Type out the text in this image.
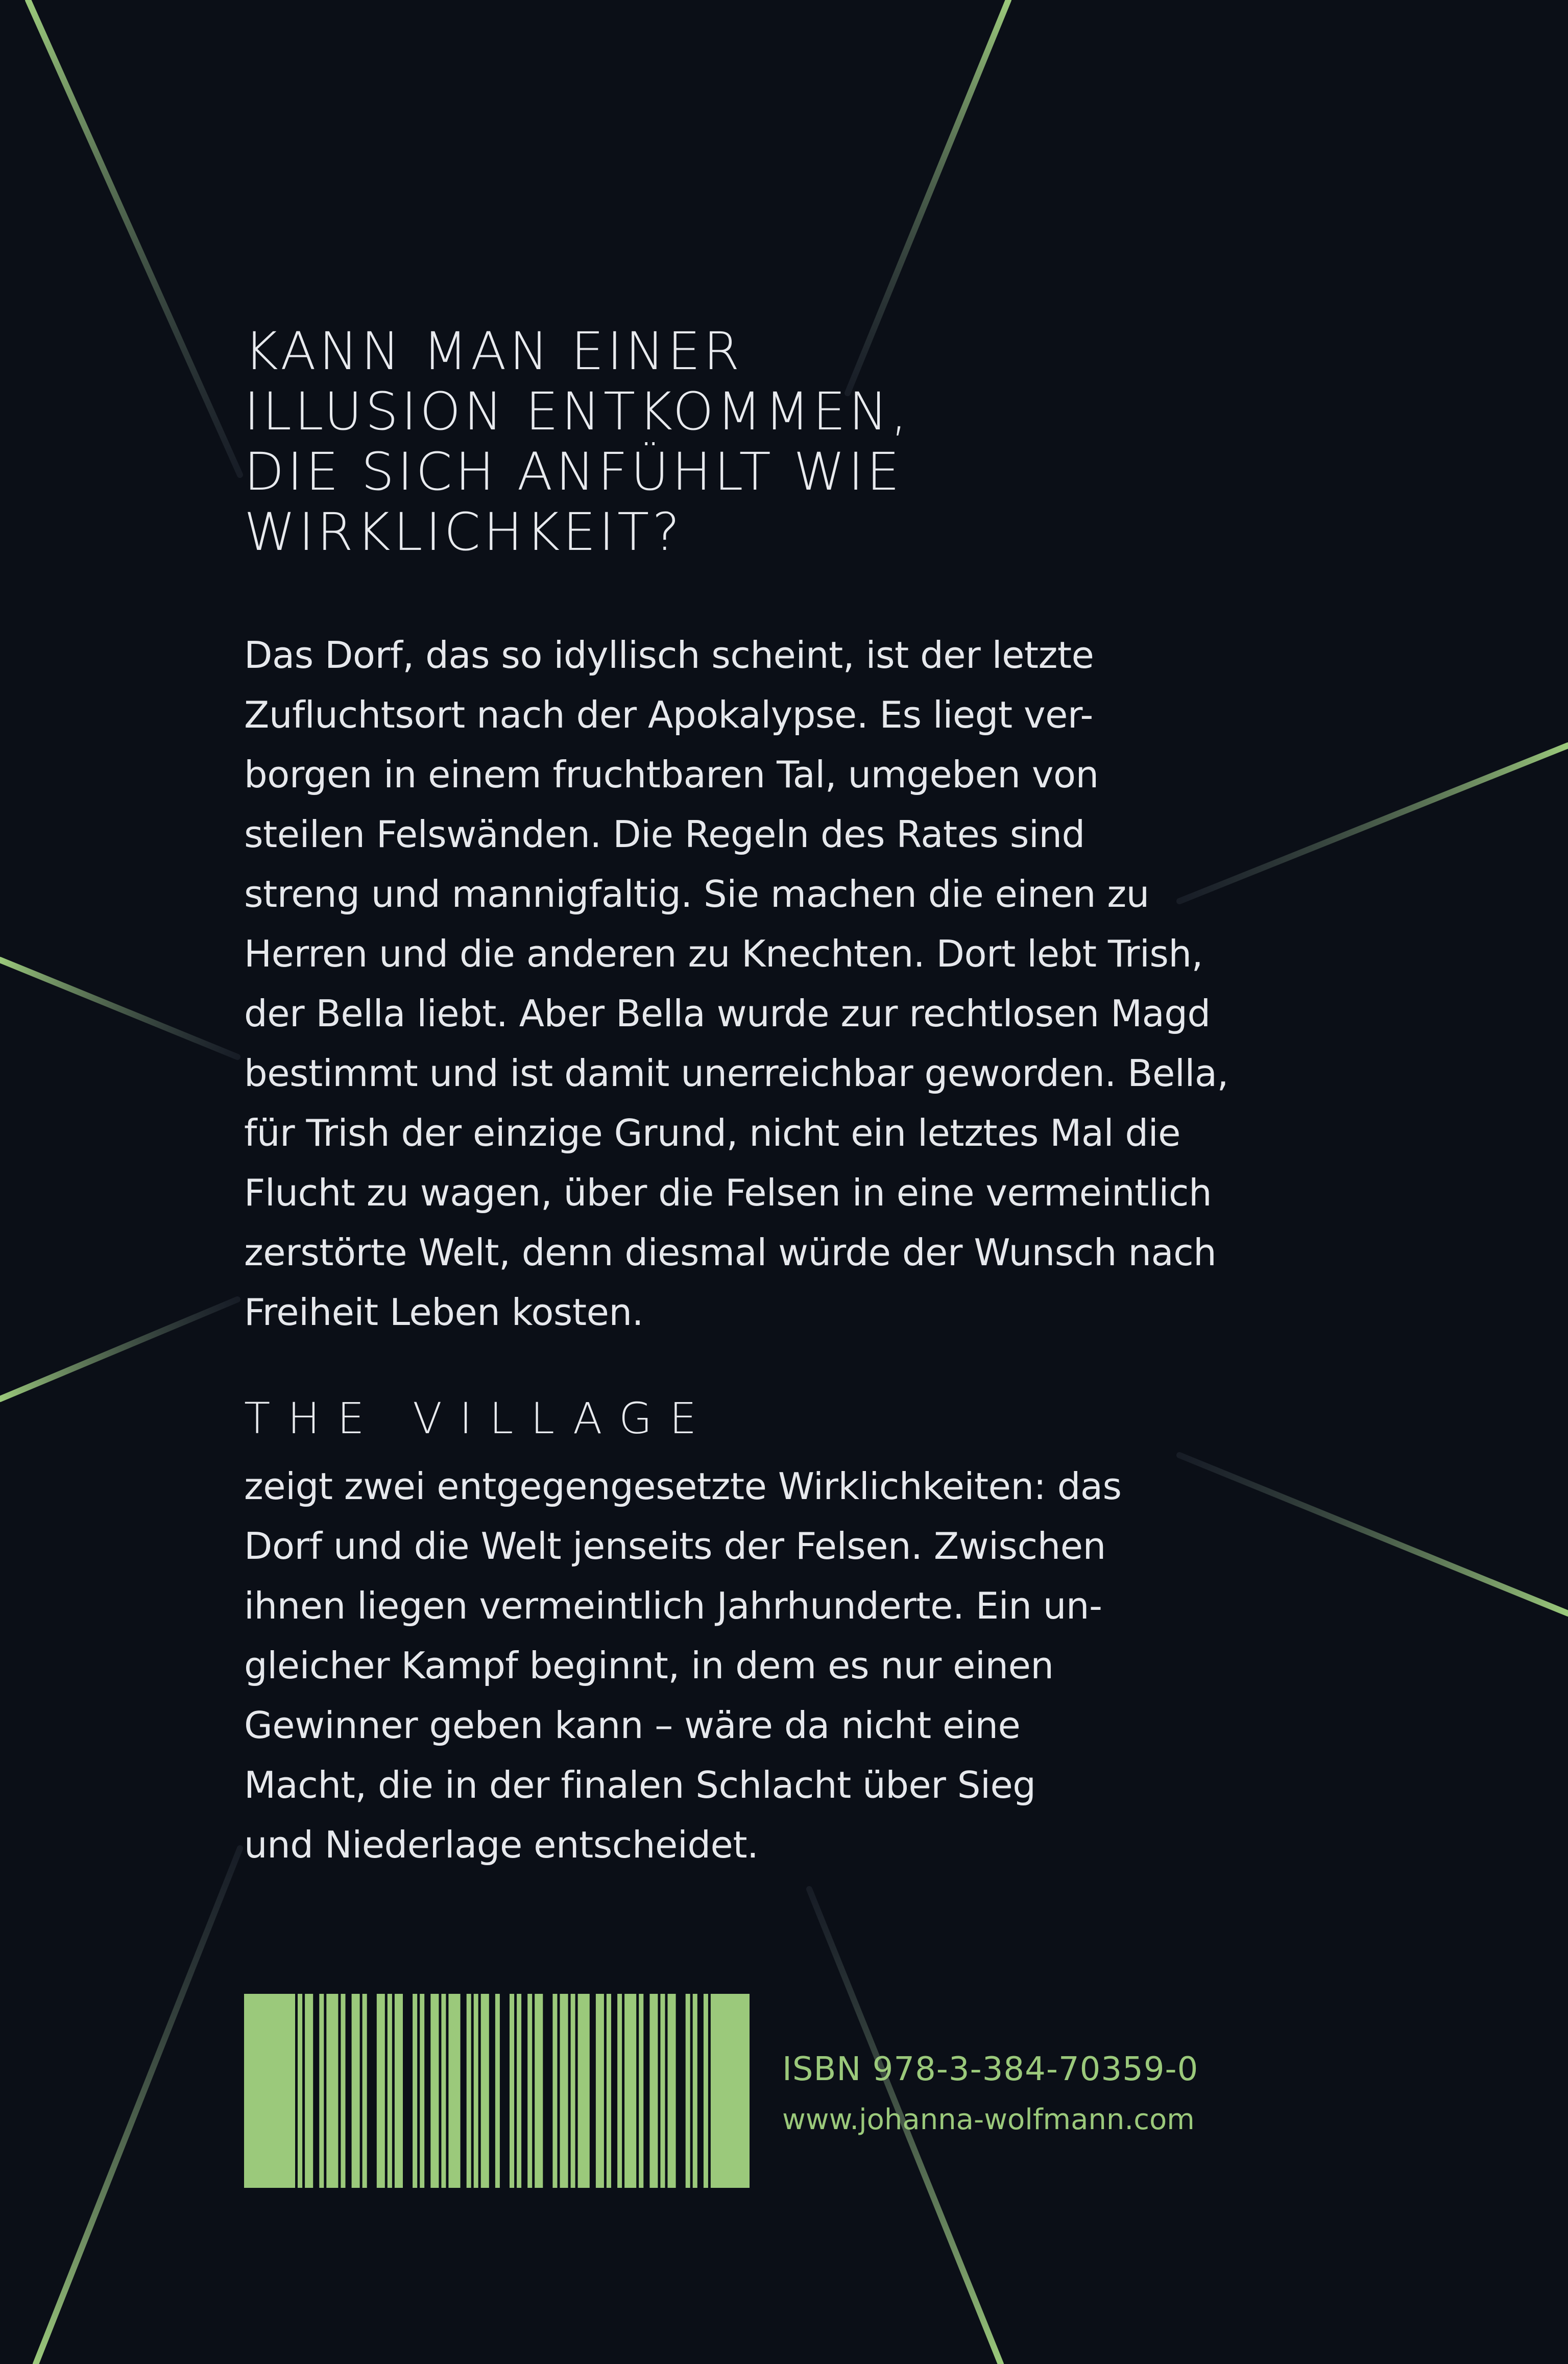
KANN MAN EINER
ILLUSION ENTKOMMEN,
DIE SICH ANFÜHLT WIE
WIRKLICHKEIT?

Das Dorf, das so idyllisch scheint, ist der letzte
Zufluchtsort nach der Apokalypse. Es liegt ver-
borgen in einem fruchtbaren Tal, umgeben von
steilen Felswänden. Die Regeln des Rates sind
streng und mannigfaltig. Sie machen die einen zu
Herren und die anderen zu Knechten. Dort lebt Trish,
der Bella liebt. Aber Bella wurde zur rechtlosen Magd
bestimmt und ist damit unerreichbar geworden. Bella,
für Trish der einzige Grund, nicht ein letztes Mal die
Flucht zu wagen, über die Felsen in eine vermeintlich
zerstörte Welt, denn diesmal würde der Wunsch nach
Freiheit Leben kosten.

THE VILLAGE

zeigt zwei entgegengesetzte Wirklichkeiten: das
Dorf und die Welt jenseits der Felsen. Zwischen
ihnen liegen vermeintlich Jahrhunderte. Ein un-
gleicher Kampf beginnt, in dem es nur einen
Gewinner geben kann – wäre da nicht eine
Macht, die in der finalen Schlacht über Sieg
und Niederlage entscheidet.

ISBN 978-3-384-70359-0

www.johanna-wolfmann.com
